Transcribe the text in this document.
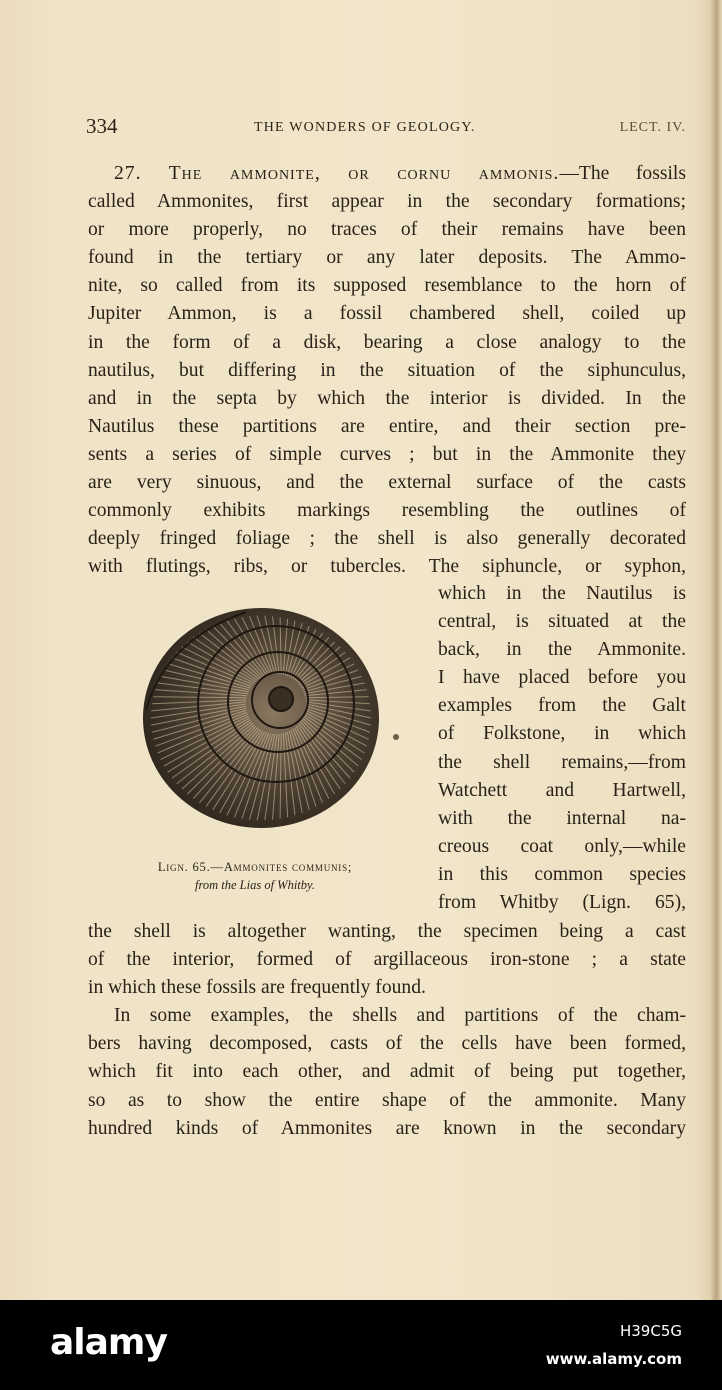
334	THE WONDERS OF GEOLOGY.	LECT. IV.
27. The ammonite, or cornu ammonis.—The fossils
called Ammonites, first appear in the secondary formations;
or more properly, no traces of their remains have been
found in the tertiary or any later deposits. The Ammo-
nite, so called from its supposed resemblance to the horn of
Jupiter Ammon, is a fossil chambered shell, coiled up
in the form of a disk, bearing a close analogy to the
nautilus, but differing in the situation of the siphunculus,
and in the septa by which the interior is divided. In the
Nautilus these partitions are entire, and their section pre-
sents a series of simple curves ; but in the Ammonite they
are very sinuous, and the external surface of the casts
commonly exhibits markings resembling the outlines of
deeply fringed foliage ; the shell is also generally decorated
with flutings, ribs, or tubercles. The siphuncle, or syphon,
Lign. 65.—Ammonites communis;
from the Lias of Whitby.
which in the Nautilus is
central, is situated at the
back, in the Ammonite.
I have placed before you
examples from the Galt
of Folkstone, in which
the shell remains,—from
Watchett and Hartwell,
with the internal na-
creous coat only,—while
in this common species
from Whitby (Lign. 65),
the shell is altogether wanting, the specimen being a cast
of the interior, formed of argillaceous iron-stone ; a state
in which these fossils are frequently found.
In some examples, the shells and partitions of the cham-
bers having decomposed, casts of the cells have been formed,
which fit into each other, and admit of being put together,
so as to show the entire shape of the ammonite. Many
hundred kinds of Ammonites are known in the secondary
alamy	H39C5G
www.alamy.com
